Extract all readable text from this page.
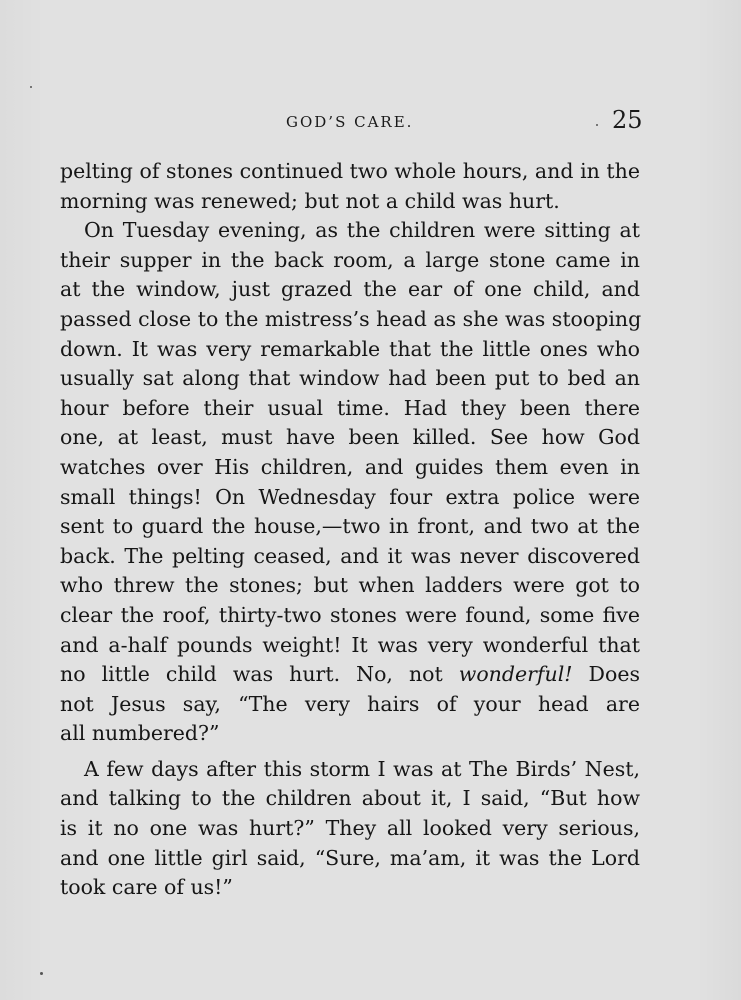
GOD’S CARE.	25
pelting of stones continued two whole hours, and in the
morning was renewed; but not a child was hurt.
On Tuesday evening, as the children were sitting at
their supper in the back room, a large stone came in
at the window, just grazed the ear of one child, and
passed close to the mistress’s head as she was stooping
down. It was very remarkable that the little ones who
usually sat along that window had been put to bed an
hour before their usual time. Had they been there
one, at least, must have been killed. See how God
watches over His children, and guides them even in
small things! On Wednesday four extra police were
sent to guard the house,—two in front, and two at the
back. The pelting ceased, and it was never discovered
who threw the stones; but when ladders were got to
clear the roof, thirty-two stones were found, some five
and a-half pounds weight! It was very wonderful that
no little child was hurt. No, not wonderful! Does
not Jesus say, “The very hairs of your head are
all numbered?”
A few days after this storm I was at The Birds’ Nest,
and talking to the children about it, I said, “But how
is it no one was hurt?” They all looked very serious,
and one little girl said, “Sure, ma’am, it was the Lord
took care of us!”
